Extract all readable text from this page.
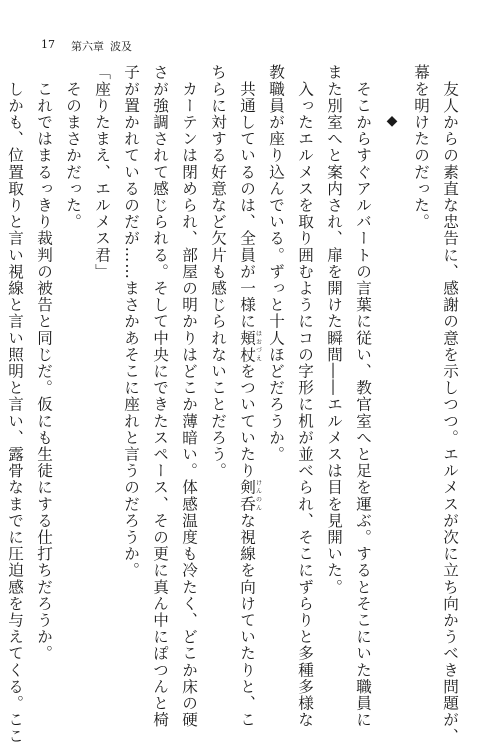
17 第六章 波及
　友人からの素直な忠告に、感謝の意を示しつつ。エルメスが次に立ち向かうべき問題が、
幕を明けたのだった。
◆
　そこからすぐアルバートの言葉に従い、教官室へと足を運ぶ。するとそこにいた職員に
また別室へと案内され、扉を開けた瞬間――エルメスは目を見開いた。
　入ったエルメスを取り囲むようにコの字形に机が並べられ、そこにずらりと多種多様な
教職員が座り込んでいる。ずっと十人ほどだろうか。
　共通しているのは、全員が一様に頬杖ほおづえをついていたり剣呑けんのんな視線を向けていたりと、こ
ちらに対する好意など欠片も感じられないことだろう。
　カーテンは閉められ、部屋の明かりはどこか薄暗い。体感温度も冷たく、どこか床の硬
さが強調されて感じられる。そして中央にできたスペース、その更に真ん中にぽつんと椅
子が置かれているのだが……まさかあそこに座れと言うのだろうか。
「座りたまえ、エルメス君」
　そのまさかだった。
　これではまるっきり裁判の被告と同じだ。仮にも生徒にする仕打ちだろうか。
　しかも、位置取りと言い視線と言い照明と言い、露骨なまでに圧迫感を与えてくる。ここ
